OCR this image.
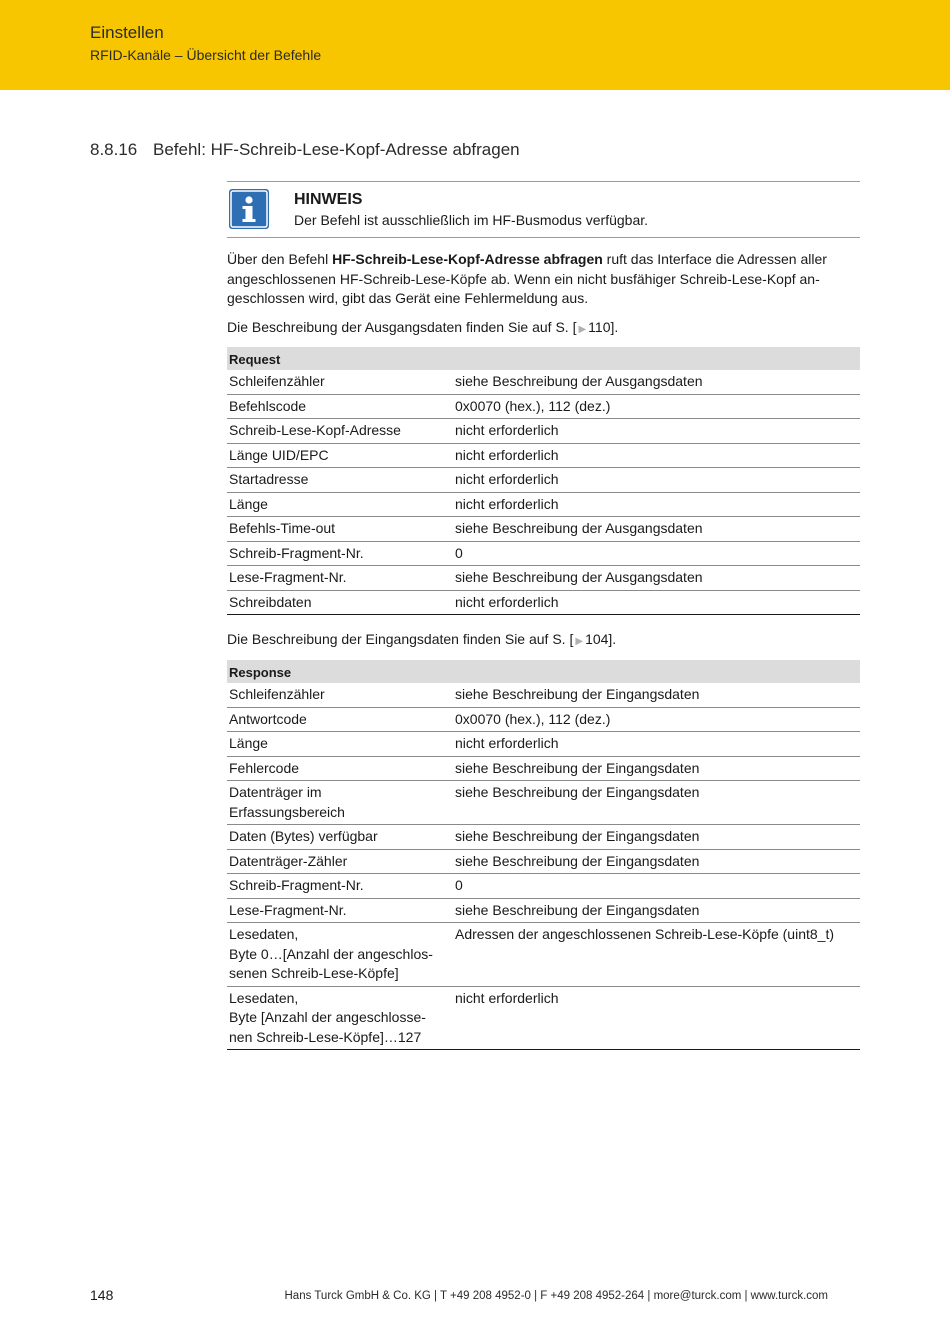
Einstellen
RFID-Kanäle – Übersicht der Befehle
8.8.16 Befehl: HF-Schreib-Lese-Kopf-Adresse abfragen
HINWEIS
Der Befehl ist ausschließlich im HF-Busmodus verfügbar.
Über den Befehl HF-Schreib-Lese-Kopf-Adresse abfragen ruft das Interface die Adressen aller angeschlossenen HF-Schreib-Lese-Köpfe ab. Wenn ein nicht busfähiger Schreib-Lese-Kopf an-geschlossen wird, gibt das Gerät eine Fehlermeldung aus.
Die Beschreibung der Ausgangsdaten finden Sie auf S. [ ▶ 110].
Request	
Schleifenzähler	siehe Beschreibung der Ausgangsdaten
Befehlscode	0x0070 (hex.), 112 (dez.)
Schreib-Lese-Kopf-Adresse	nicht erforderlich
Länge UID/EPC	nicht erforderlich
Startadresse	nicht erforderlich
Länge	nicht erforderlich
Befehls-Time-out	siehe Beschreibung der Ausgangsdaten
Schreib-Fragment-Nr.	0
Lese-Fragment-Nr.	siehe Beschreibung der Ausgangsdaten
Schreibdaten	nicht erforderlich
Die Beschreibung der Eingangsdaten finden Sie auf S. [ ▶ 104].
Response	
Schleifenzähler	siehe Beschreibung der Eingangsdaten
Antwortcode	0x0070 (hex.), 112 (dez.)
Länge	nicht erforderlich
Fehlercode	siehe Beschreibung der Eingangsdaten
Datenträger im
Erfassungsbereich	siehe Beschreibung der Eingangsdaten
Daten (Bytes) verfügbar	siehe Beschreibung der Eingangsdaten
Datenträger-Zähler	siehe Beschreibung der Eingangsdaten
Schreib-Fragment-Nr.	0
Lese-Fragment-Nr.	siehe Beschreibung der Eingangsdaten
Lesedaten,
Byte 0…[Anzahl der angeschlos-
senen Schreib-Lese-Köpfe]	Adressen der angeschlossenen Schreib-Lese-Köpfe (uint8_t)
Lesedaten,
Byte [Anzahl der angeschlosse-
nen Schreib-Lese-Köpfe]…127	nicht erforderlich
148	Hans Turck GmbH & Co. KG | T +49 208 4952-0 | F +49 208 4952-264 | more@turck.com | www.turck.com
